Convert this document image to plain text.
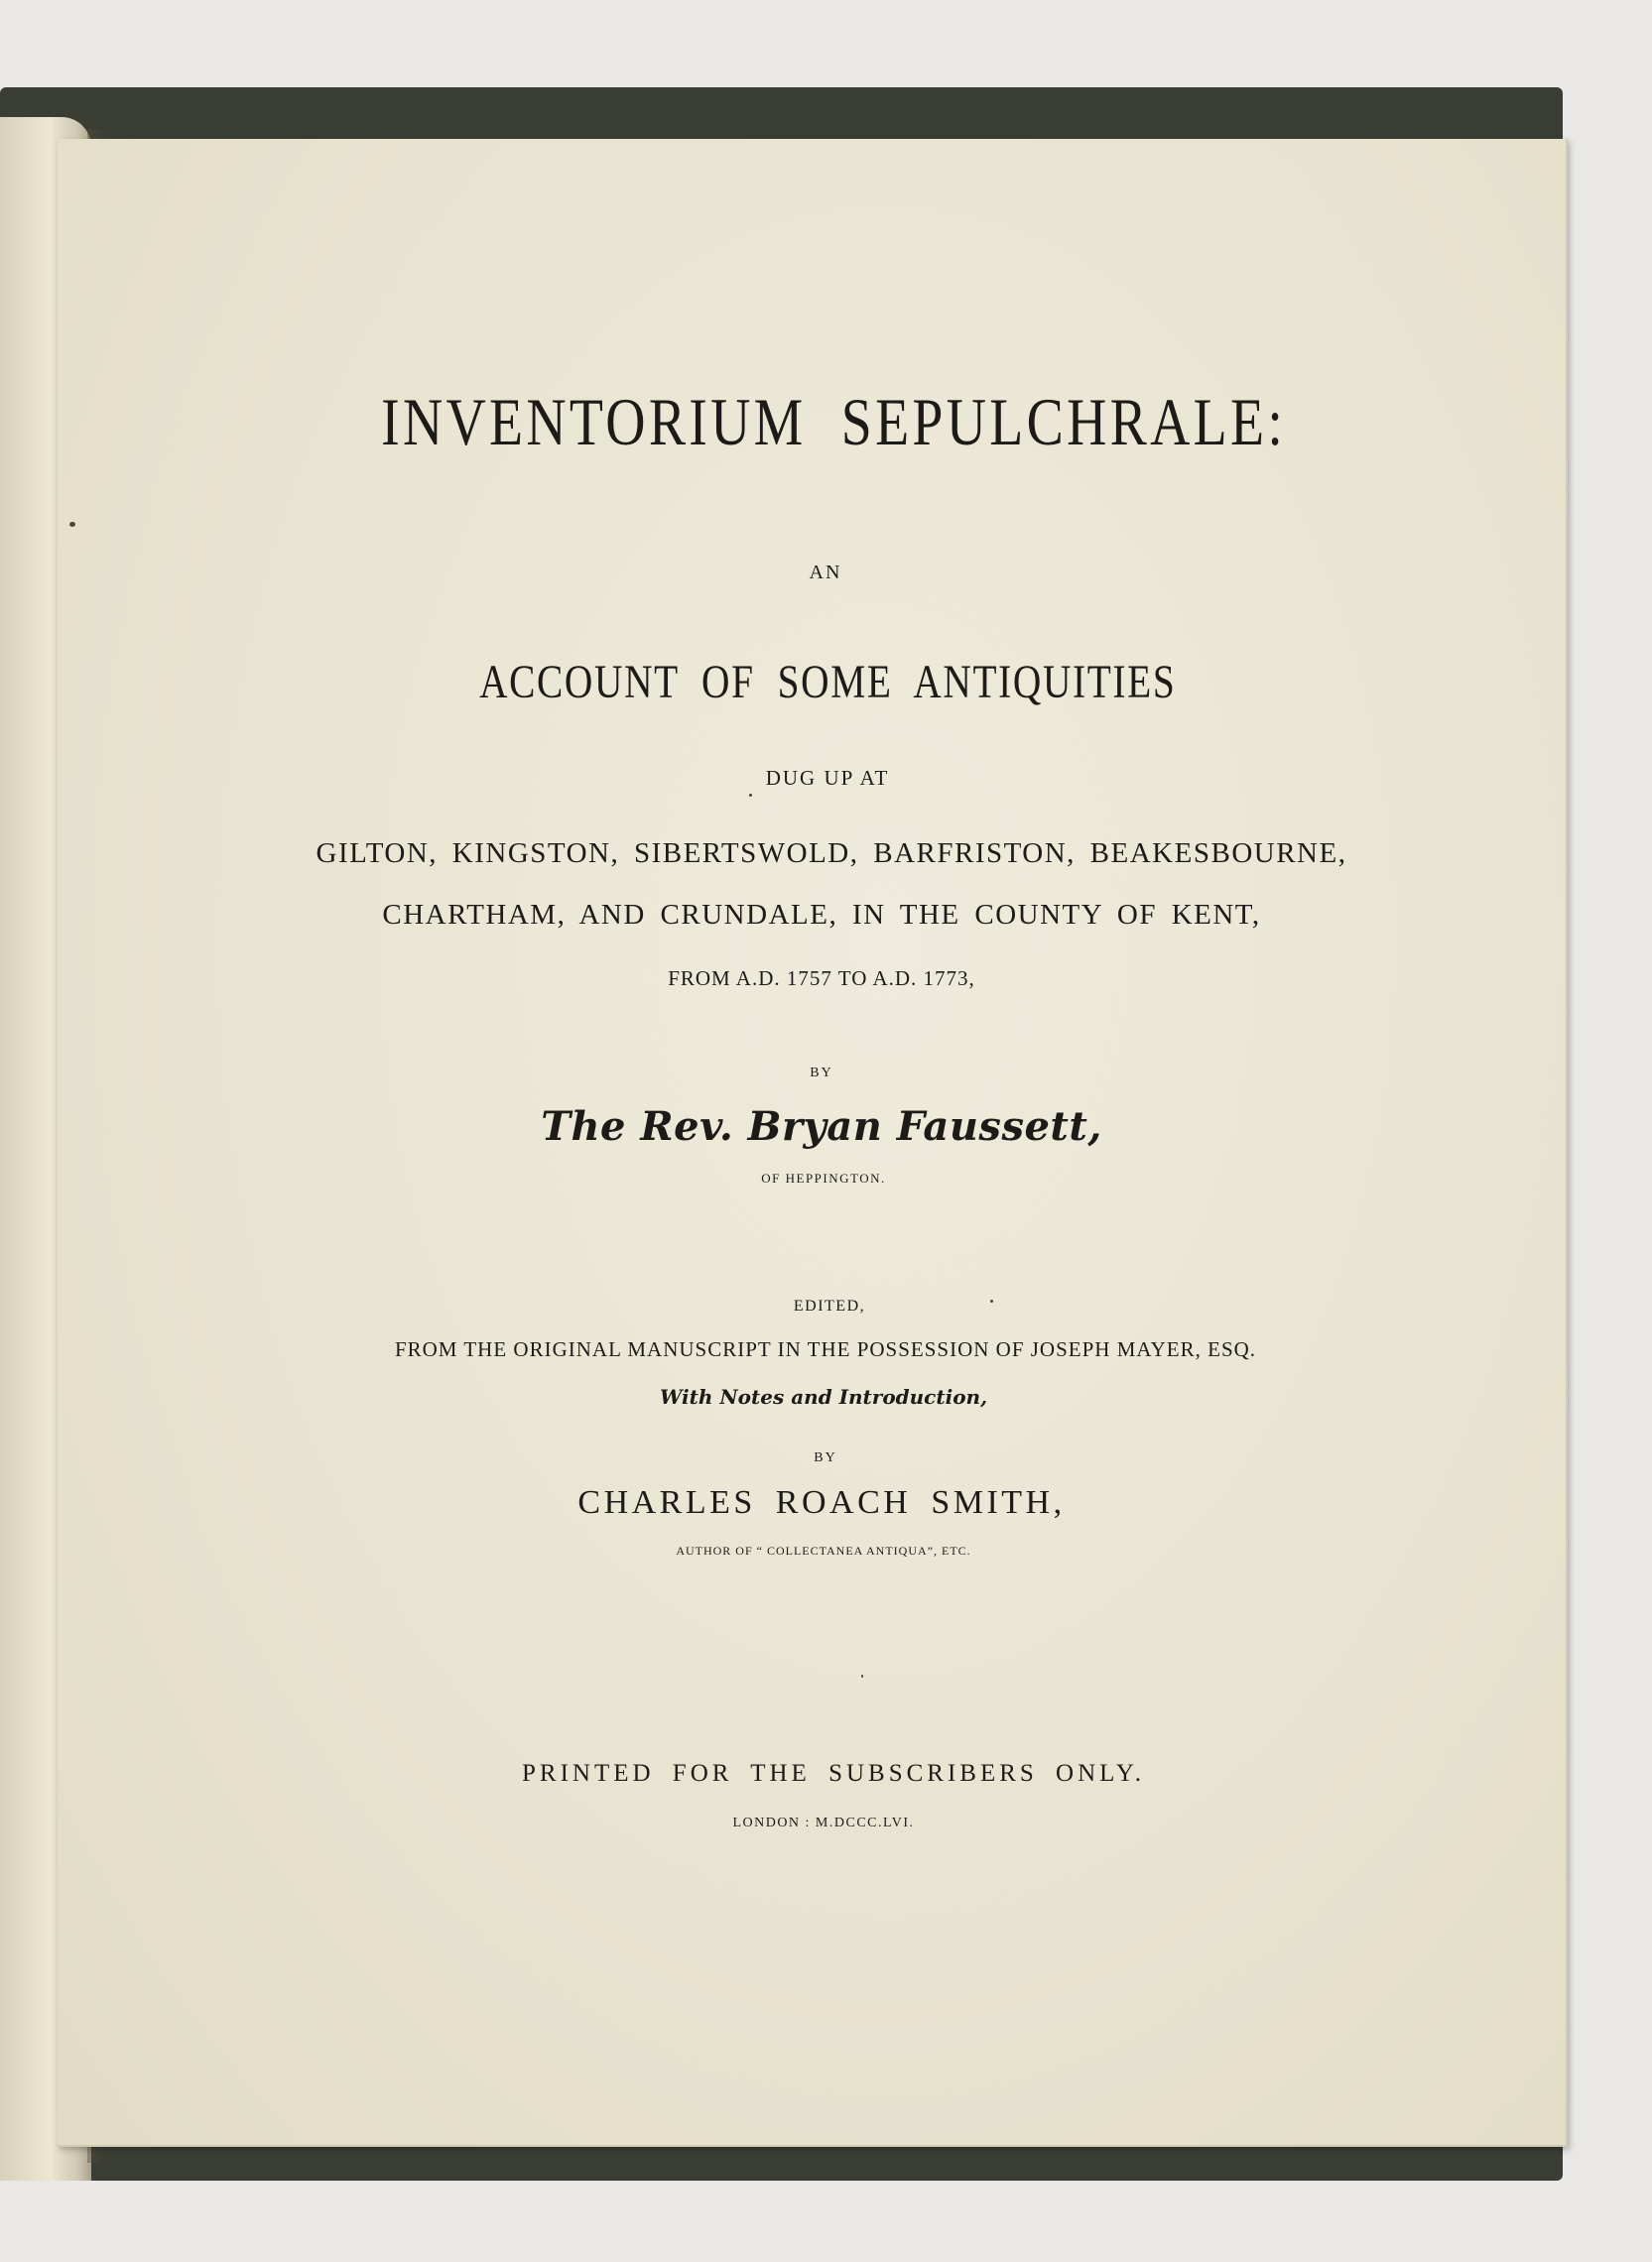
INVENTORIUM SEPULCHRALE:
AN
ACCOUNT OF SOME ANTIQUITIES
DUG UP AT
GILTON, KINGSTON, SIBERTSWOLD, BARFRISTON, BEAKESBOURNE,
CHARTHAM, AND CRUNDALE, IN THE COUNTY OF KENT,
FROM A.D. 1757 TO A.D. 1773,
BY
The Rev. Bryan Faussett,
OF HEPPINGTON.
EDITED,
FROM THE ORIGINAL MANUSCRIPT IN THE POSSESSION OF JOSEPH MAYER, ESQ.
With Notes and Introduction,
BY
CHARLES ROACH SMITH,
AUTHOR OF “ COLLECTANEA ANTIQUA”, ETC.
PRINTED FOR THE SUBSCRIBERS ONLY.
LONDON : M.DCCC.LVI.
